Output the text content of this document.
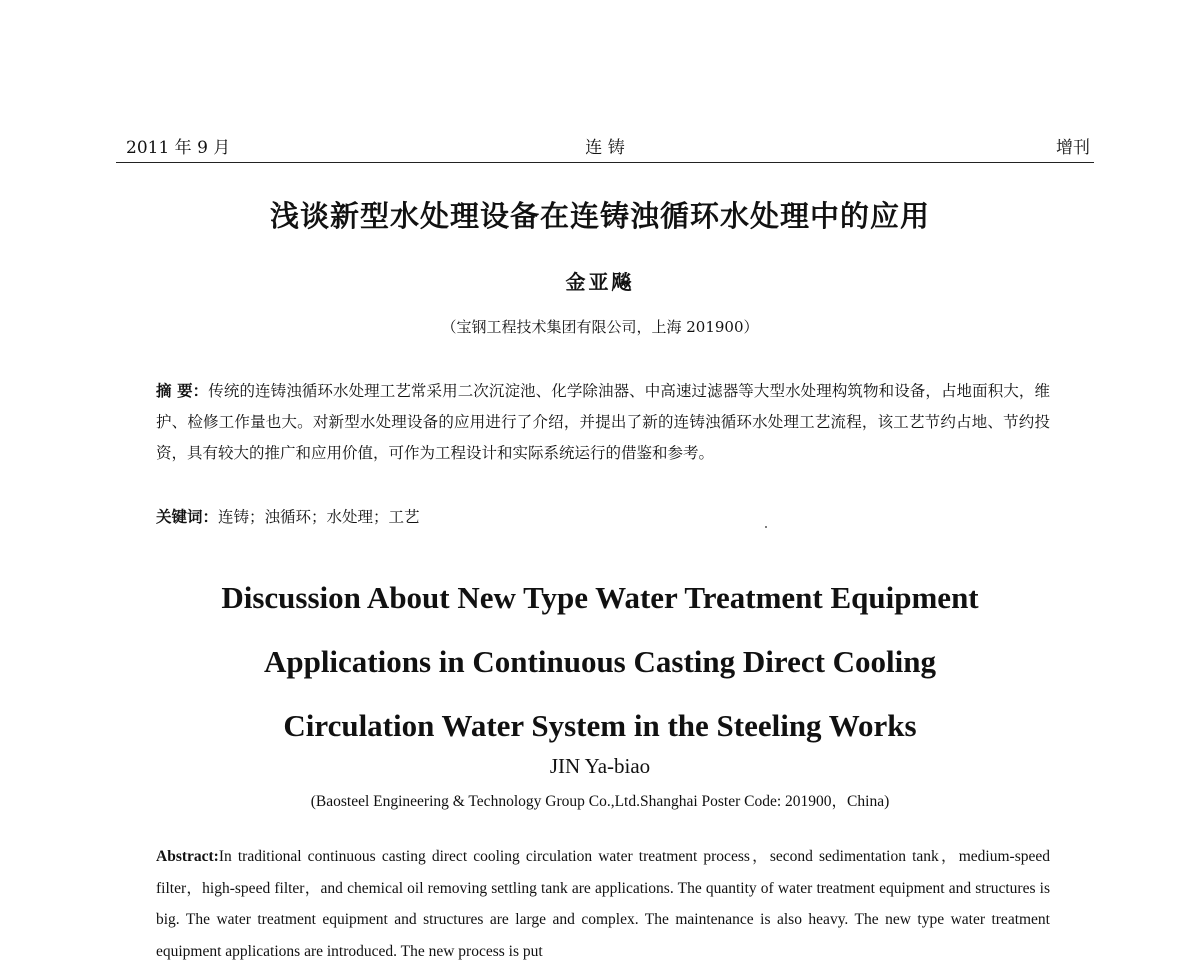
2011 年 9 月	连 铸	增刊
浅谈新型水处理设备在连铸浊循环水处理中的应用
金亚飚
（宝钢工程技术集团有限公司，上海 201900）
摘 要：传统的连铸浊循环水处理工艺常采用二次沉淀池、化学除油器、中高速过滤器等大型水处理构筑物和设备，占地面积大，维护、检修工作量也大。对新型水处理设备的应用进行了介绍，并提出了新的连铸浊循环水处理工艺流程，该工艺节约占地、节约投资，具有较大的推广和应用价值，可作为工程设计和实际系统运行的借鉴和参考。
关键词：连铸；浊循环；水处理；工艺
Discussion About New Type Water Treatment Equipment
Applications in Continuous Casting Direct Cooling
Circulation Water System in the Steeling Works
JIN Ya-biao
(Baosteel Engineering & Technology Group Co.,Ltd.Shanghai Poster Code: 201900，China)
Abstract:In traditional continuous casting direct cooling circulation water treatment process，second sedimentation tank，medium-speed filter，high-speed filter，and chemical oil removing settling tank are applications. The quantity of water treatment equipment and structures is big. The water treatment equipment and structures are large and complex. The maintenance is also heavy. The new type water treatment equipment applications are introduced. The new process is put
